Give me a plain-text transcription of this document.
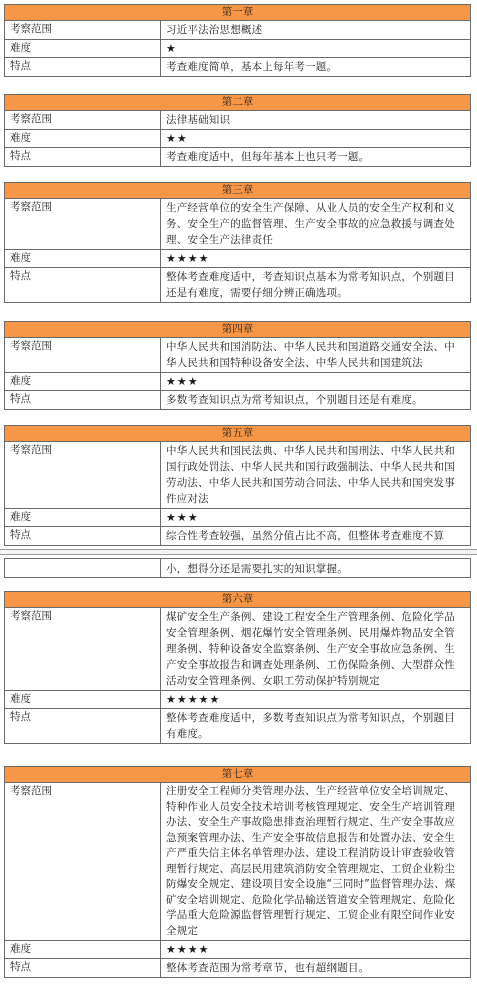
第一章
考察范围	习近平法治思想概述
难度	★
特点	考查难度简单，基本上每年考一题。
第二章
考察范围	法律基础知识
难度	★★
特点	考查难度适中，但每年基本上也只考一题。
第三章
考察范围	生产经营单位的安全生产保障、从业人员的安全生产权利和义务、安全生产的监督管理、生产安全事故的应急救援与调查处理、安全生产法律责任
难度	★★★★
特点	整体考查难度适中，考查知识点基本为常考知识点，个别题目还是有难度，需要仔细分辨正确选项。
第四章
考察范围	中华人民共和国消防法、中华人民共和国道路交通安全法、中华人民共和国特种设备安全法、中华人民共和国建筑法
难度	★★★
特点	多数考查知识点为常考知识点，个别题目还是有难度。
第五章
考察范围	中华人民共和国民法典、中华人民共和国刑法、中华人民共和国行政处罚法、中华人民共和国行政强制法、中华人民共和国劳动法、中华人民共和国劳动合同法、中华人民共和国突发事件应对法
难度	★★★
特点	综合性考查较强，虽然分值占比不高，但整体考查难度不算
小，想得分还是需要扎实的知识掌握。
第六章
考察范围	煤矿安全生产条例、建设工程安全生产管理条例、危险化学品安全管理条例、烟花爆竹安全管理条例、民用爆炸物品安全管理条例、特种设备安全监察条例、生产安全事故应急条例、生产安全事故报告和调查处理条例、工伤保险条例、大型群众性活动安全管理条例、女职工劳动保护特别规定
难度	★★★★★
特点	整体考查难度适中，多数考查知识点为常考知识点，个别题目有难度。
第七章
考察范围	注册安全工程师分类管理办法、生产经营单位安全培训规定、特种作业人员安全技术培训考核管理规定、安全生产培训管理办法、安全生产事故隐患排查治理暂行规定、生产安全事故应急预案管理办法、生产安全事故信息报告和处置办法、安全生产严重失信主体名单管理办法、建设工程消防设计审查验收管理暂行规定、高层民用建筑消防安全管理规定、工贸企业粉尘防爆安全规定、建设项目安全设施“三同时”监督管理办法、煤矿安全培训规定、危险化学品输送管道安全管理规定、危险化学品重大危险源监督管理暂行规定、工贸企业有限空间作业安全规定
难度	★★★★
特点	整体考查范围为常考章节，也有超纲题目。
